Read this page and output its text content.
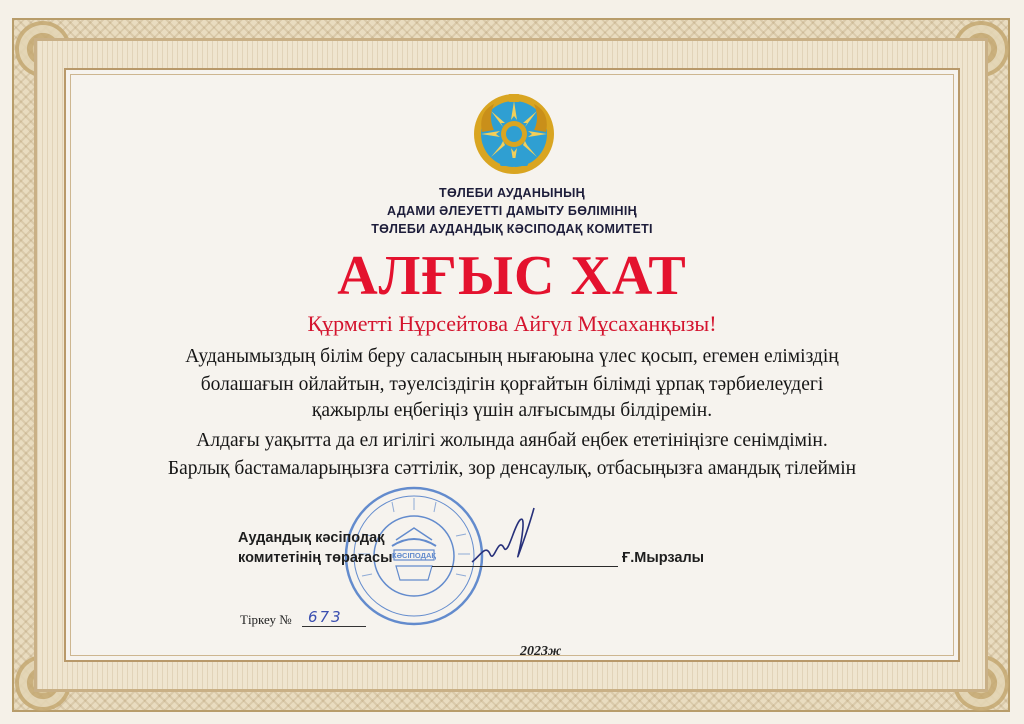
ТӨЛЕБИ АУДАНЫНЫҢ
АДАМИ ӘЛЕУЕТТІ ДАМЫТУ БӨЛІМІНІҢ
ТӨЛЕБИ АУДАНДЫҚ КӘСІПОДАҚ КОМИТЕТІ
АЛҒЫС ХАТ
Құрметті Нұрсейтова Айгүл Мұсаханқызы!
Ауданымыздың білім беру саласының нығаюына үлес қосып, егемен еліміздің
болашағын ойлайтын, тәуелсіздігін қорғайтын білімді ұрпақ тәрбиелеудегі
қажырлы еңбегіңіз үшін алғысымды білдіремін.
Алдағы уақытта да ел игілігі жолында аянбай еңбек ететініңізге сенімдімін.
Барлық бастамаларыңызға сәттілік, зор денсаулық, отбасыңызға амандық тілеймін
КӘСІПОДАҚ
Аудандық кәсіподақ
комитетінің төрағасы	Ғ.Мырзалы
Тіркеу № 673
2023ж
